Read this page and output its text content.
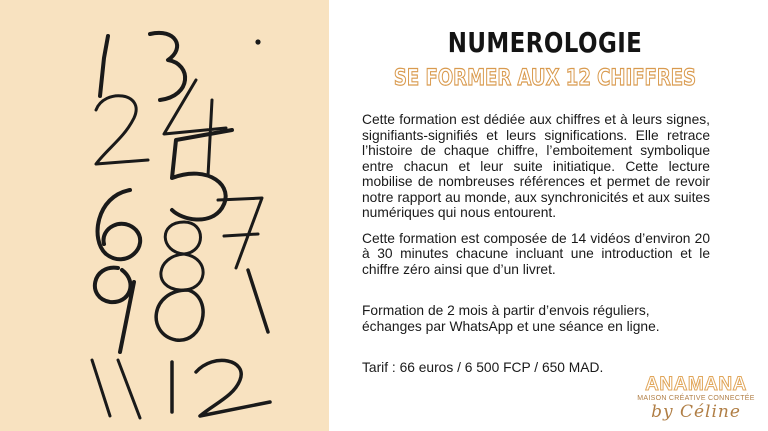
NUMEROLOGIE
SE FORMER AUX 12 CHIFFRES

Cette formation est dédiée aux chiffres et à leurs signes, signifiants-signifiés et leurs significations. Elle retrace l’histoire de chaque chiffre, l’emboitement symbolique entre chacun et leur suite initiatique. Cette lecture mobilise de nombreuses références et permet de revoir notre rapport au monde, aux synchronicités et aux suites numériques qui nous entourent.

Cette formation est composée de 14 vidéos d’environ 20 à 30 minutes chacune incluant une introduction et le chiffre zéro ainsi que d’un livret.

Formation de 2 mois à partir d’envois réguliers, échanges par WhatsApp et une séance en ligne.

Tarif : 66 euros / 6 500 FCP / 650 MAD.

ANAMANA
MAISON CRÉATIVE CONNECTÉE
by Céline
